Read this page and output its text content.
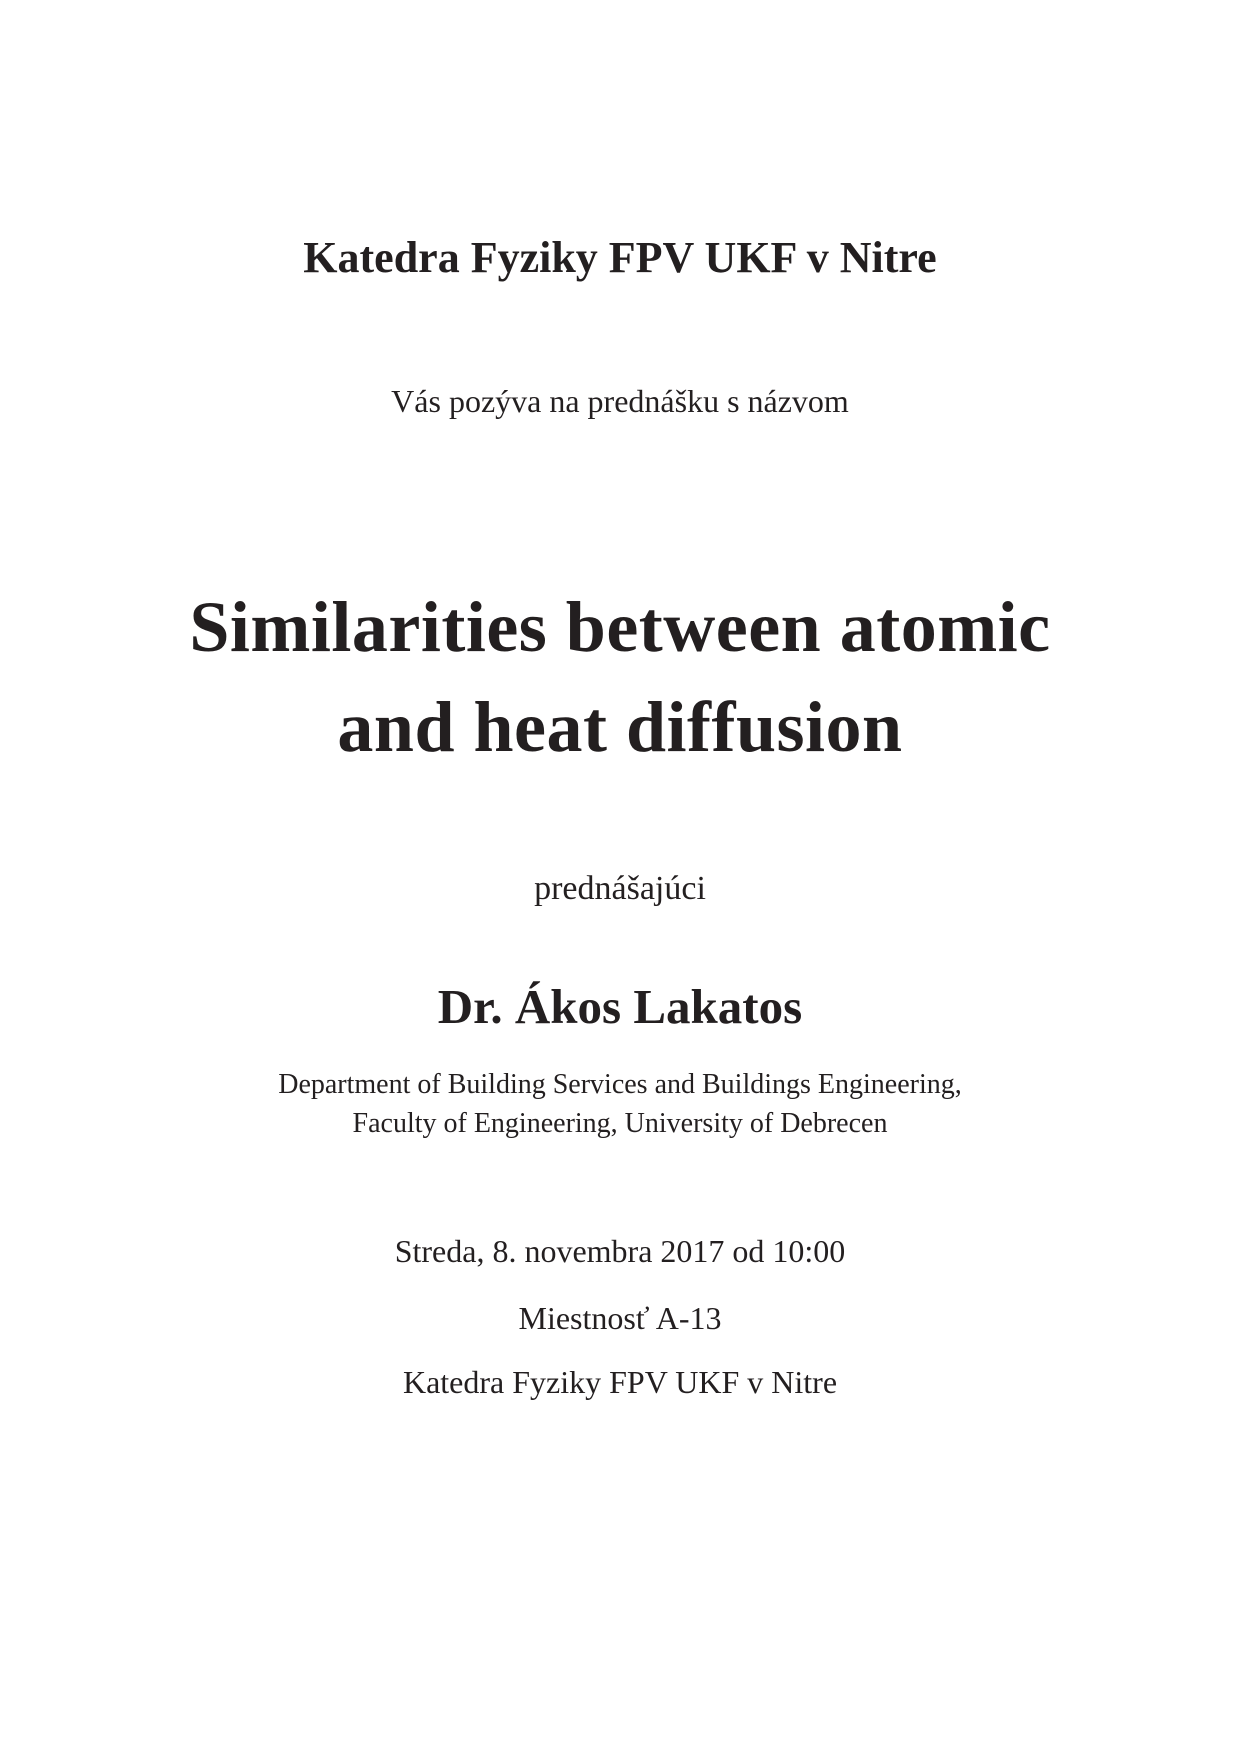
Katedra Fyziky FPV UKF v Nitre
Vás pozýva na prednášku s názvom
Similarities between atomic
and heat diffusion
prednášajúci
Dr. Ákos Lakatos
Department of Building Services and Buildings Engineering,
Faculty of Engineering, University of Debrecen
Streda, 8. novembra 2017 od 10:00
Miestnosť A-13
Katedra Fyziky FPV UKF v Nitre
